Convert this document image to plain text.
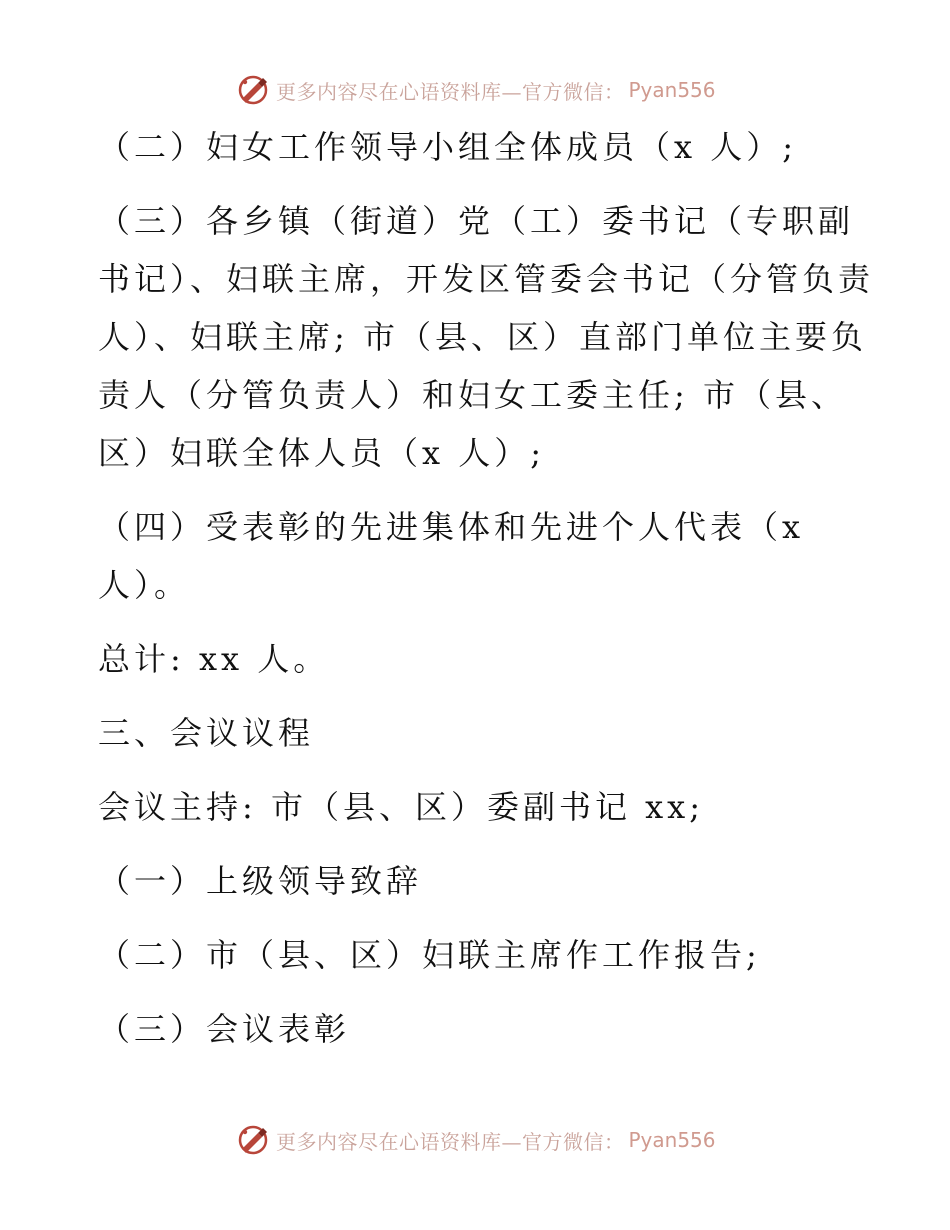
更多内容尽在心语资料库—官方微信： Pyan556

（二）妇女工作领导小组全体成员（x 人）;

（三）各乡镇（街道）党（工）委书记（专职副

书记）、妇联主席，开发区管委会书记（分管负责

人）、妇联主席; 市（县、区）直部门单位主要负

责人（分管负责人）和妇女工委主任; 市（县、

区）妇联全体人员（x 人）;

（四）受表彰的先进集体和先进个人代表（x

人）。

总计: xx 人。

三、会议议程

会议主持: 市（县、区）委副书记 xx;

（一）上级领导致辞

（二）市（县、区）妇联主席作工作报告;

（三）会议表彰

更多内容尽在心语资料库—官方微信： Pyan556
